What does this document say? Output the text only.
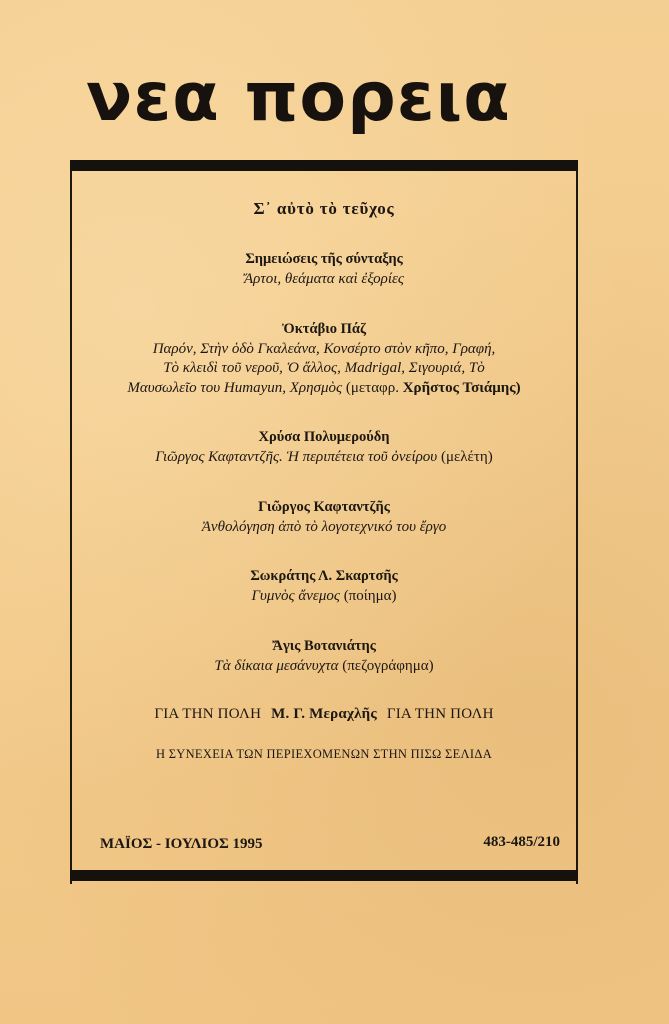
νεα πορεια
Σ᾽ αὐτὸ τὸ τεῦχος
Σημειώσεις τῆς σύνταξης
Ἄρτοι, θεάματα καὶ ἐξορίες
Ὀκτάβιο Πάζ
Παρόν, Στὴν ὁδὸ Γκαλεάνα, Κονσέρτο στὸν κῆπο, Γραφή,
Τὸ κλειδὶ τοῦ νεροῦ, Ὁ ἄλλος, Madrigal, Σιγουριά, Τὸ
Μαυσωλεῖο του Humayun, Χρησμὸς (μεταφρ. Χρῆστος Τσιάμης)
Χρύσα Πολυμερούδη
Γιῶργος Καφταντζῆς. Ἡ περιπέτεια τοῦ ὀνείρου (μελέτη)
Γιῶργος Καφταντζῆς
Ἀνθολόγηση ἀπὸ τὸ λογοτεχνικό του ἔργο
Σωκράτης Λ. Σκαρτσῆς
Γυμνὸς ἄνεμος (ποίημα)
Ἄγις Βοτανιάτης
Τὰ δίκαια μεσάνυχτα (πεζογράφημα)
ΓΙΑ ΤΗΝ ΠΟΛΗ Μ. Γ. Μεραχλῆς ΓΙΑ ΤΗΝ ΠΟΛΗ
Η ΣΥΝΕΧΕΙΑ ΤΩΝ ΠΕΡΙΕΧΟΜΕΝΩΝ ΣΤΗΝ ΠΙΣΩ ΣΕΛΙΔΑ
ΜΑΪΟΣ - ΙΟΥΛΙΟΣ 1995	483-485/210
